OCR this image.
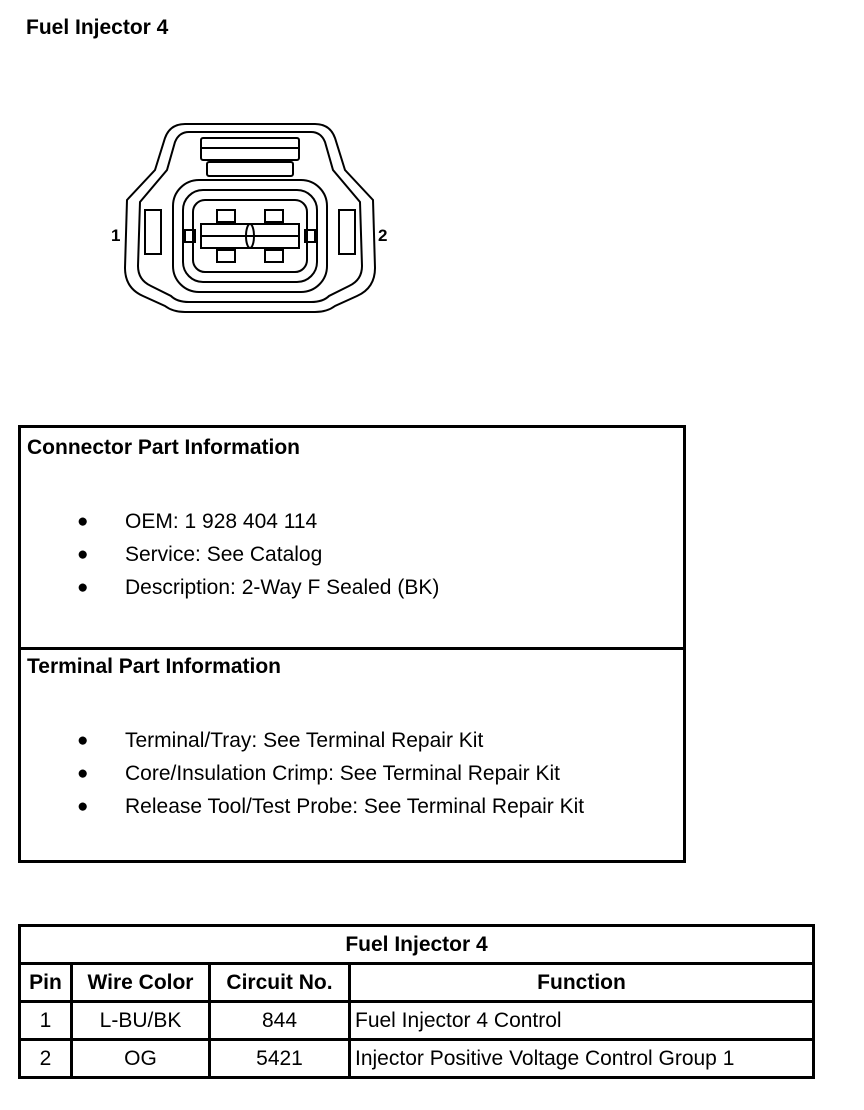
Fuel Injector 4
1	2
Connector Part Information
● OEM: 1 928 404 114
● Service: See Catalog
● Description: 2-Way F Sealed (BK)
Terminal Part Information
● Terminal/Tray: See Terminal Repair Kit
● Core/Insulation Crimp: See Terminal Repair Kit
● Release Tool/Test Probe: See Terminal Repair Kit
Fuel Injector 4			
Pin	Wire Color	Circuit No.	Function
1	L-BU/BK	844	Fuel Injector 4 Control
2	OG	5421	Injector Positive Voltage Control Group 1
